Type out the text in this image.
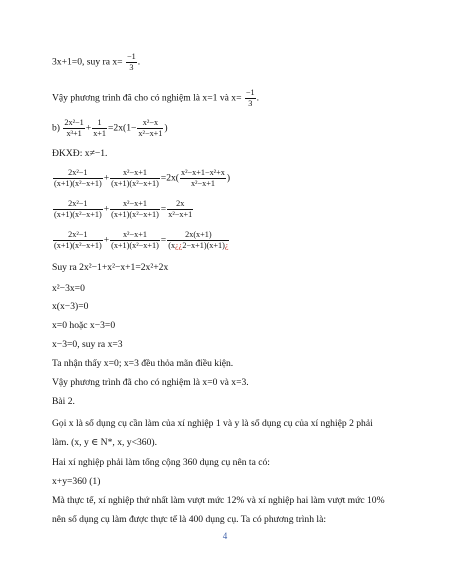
3x+1=0, suy ra $x= \frac{-1}{3}$ .
Vậy phương trình đã cho có nghiệm là x=1 và $x= \frac{-1}{3}$ .
$b) \frac{\text{2x²−1}}{\text{x³+1}} + \frac{1}{x+1} =2x(1- \frac{\text{x²−x}}{\text{x²−x+1}}$ )
ĐKXĐ: x≠−1.
$\frac{\text{2x²−1}}{\text{(x+1)(x²−x+1)}} + \frac{\text{x²−x+1}}{\text{(x+1)(x²−x+1)}} =2x( \frac{\text{x²−x+1−x²+x}}{\text{x²−x+1}}$ )
$\frac{\text{2x²−1}}{\text{(x+1)(x²−x+1)}} + \frac{\text{x²−x+1}}{\text{(x+1)(x²−x+1)}} = \frac{2x}{\text{x²−x+1}}$
$\frac{\text{2x²−1}}{\text{(x+1)(x²−x+1)}} + \frac{\text{x²−x+1}}{\text{(x+1)(x²−x+1)}} = \frac{2x(x+1)}{(x¿¿2-x+1)(x+1)¿}$
Suy ra 2x²−1+x²−x+1=2x²+2x
x²−3x=0
x(x−3)=0
x=0 hoặc x−3=0
x−3=0, suy ra x=3
Ta nhận thấy x=0; x=3 đều thỏa mãn điều kiện.
Vậy phương trình đã cho có nghiệm là x=0 và x=3.
Bài 2.
Gọi x là số dụng cụ cần làm của xí nghiệp 1 và y là số dụng cụ của xí nghiệp 2 phải
làm. (x, y ∈ N*, x, y<360).
Hai xí nghiệp phải làm tổng cộng 360 dụng cụ nên ta có:
x+y=360 (1)
Mà thực tế, xí nghiệp thứ nhất làm vượt mức 12% và xí nghiệp hai làm vượt mức 10%
nên số dụng cụ làm được thực tế là 400 dụng cụ. Ta có phương trình là:
4
